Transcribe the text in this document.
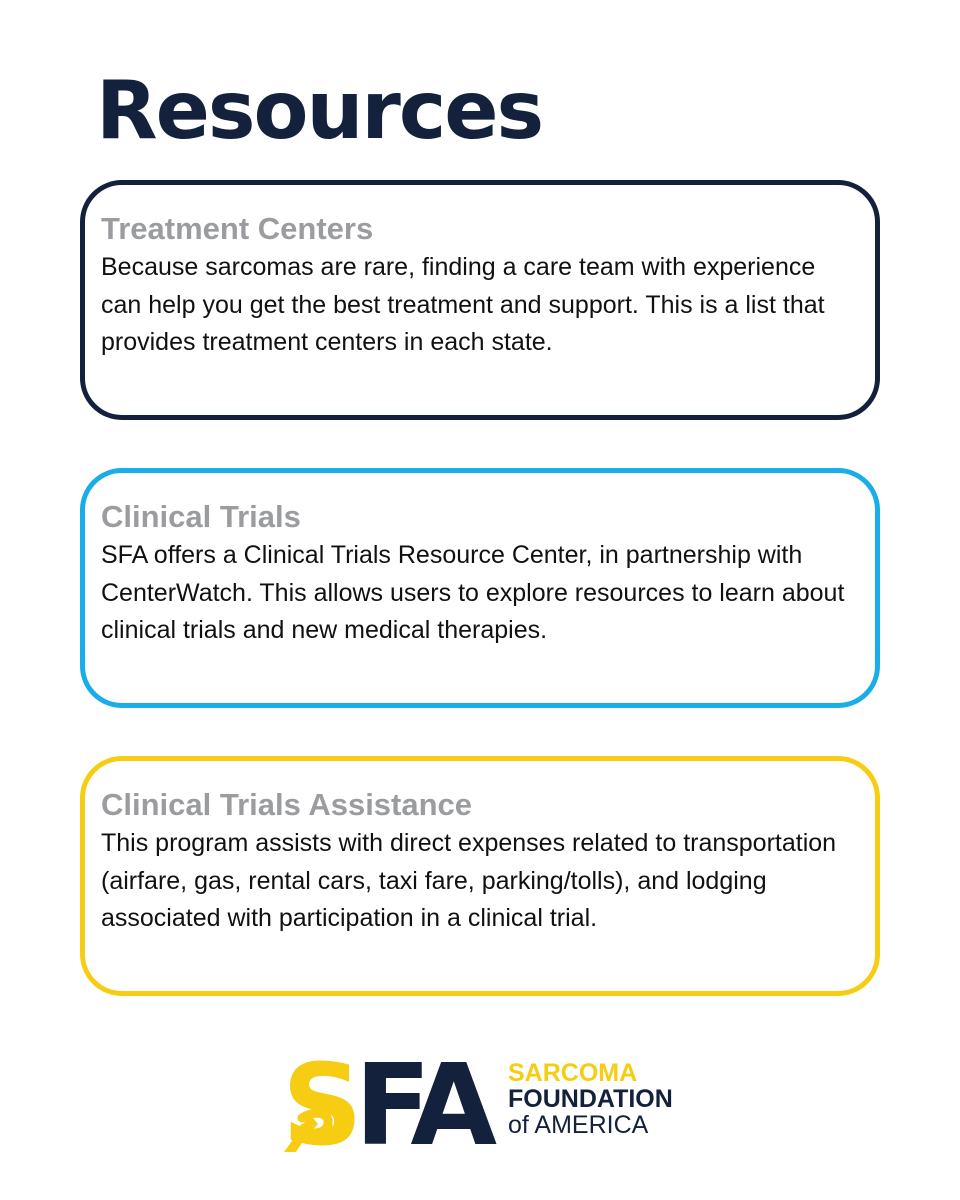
Resources
Treatment Centers

Because sarcomas are rare, finding a care team with experience can help you get the best treatment and support. This is a list that provides treatment centers in each state.

Clinical Trials

SFA offers a Clinical Trials Resource Center, in partnership with CenterWatch. This allows users to explore resources to learn about clinical trials and new medical therapies.

Clinical Trials Assistance

This program assists with direct expenses related to transportation (airfare, gas, rental cars, taxi fare, parking/tolls), and lodging associated with participation in a clinical trial.

SFA SARCOMA
FOUNDATION
of AMERICA
